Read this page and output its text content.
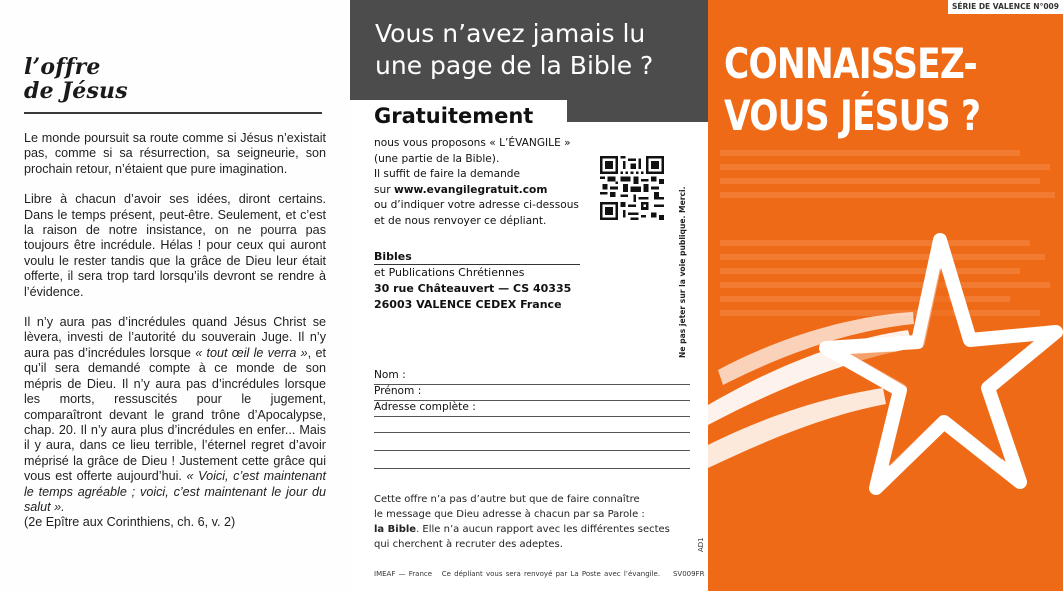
l’offre
de Jésus

Le monde poursuit sa route comme si Jésus n’existait pas, comme si sa résurrection, sa seigneurie, son prochain retour, n’étaient que pure imagination.

Libre à chacun d’avoir ses idées, diront certains. Dans le temps présent, peut-être. Seulement, et c’est la raison de notre insistance, on ne pourra pas toujours être incrédule. Hélas ! pour ceux qui auront voulu le rester tandis que la grâce de Dieu leur était offerte, il sera trop tard lorsqu’ils devront se rendre à l’évidence.

Il n’y aura pas d’incrédules quand Jésus Christ se lèvera, investi de l’autorité du souverain Juge. Il n’y aura pas d’incrédules lorsque « tout œil le verra », et qu’il sera demandé compte à ce monde de son mépris de Dieu. Il n’y aura pas d’incrédules lorsque les morts, ressuscités pour le jugement, comparaîtront devant le grand trône d’Apocalypse, chap. 20. Il n’y aura plus d’incrédules en enfer... Mais il y aura, dans ce lieu terrible, l’éternel regret d’avoir méprisé la grâce de Dieu ! Justement cette grâce qui vous est offerte aujourd’hui. « Voici, c’est maintenant le temps agréable ; voici, c’est maintenant le jour du salut ».
(2e Epître aux Corinthiens, ch. 6, v. 2)

Vous n’avez jamais lu
une page de la Bible ?
Gratuitement
nous vous proposons « L’ÉVANGILE »
(une partie de la Bible).
Il suffit de faire la demande
sur www.evangilegratuit.com
ou d’indiquer votre adresse ci-dessous
et de nous renvoyer ce dépliant.	Ne pas jeter sur la voie publique. Merci.
Bibles
et Publications Chrétiennes
30 rue Châteauvert — CS 40335
26003 VALENCE CEDEX France
Nom :
Prénom :
Adresse complète :
Cette offre n’a pas d’autre but que de faire connaître
le message que Dieu adresse à chacun par sa Parole :
la Bible. Elle n’a aucun rapport avec les différentes sectes
qui cherchent à recruter des adeptes.	AD1
IMEAF — France Ce dépliant vous sera renvoyé par La Poste avec l’évangile. SV009FR
SÉRIE DE VALENCE N°009
CONNAISSEZ-
VOUS JÉSUS ?
